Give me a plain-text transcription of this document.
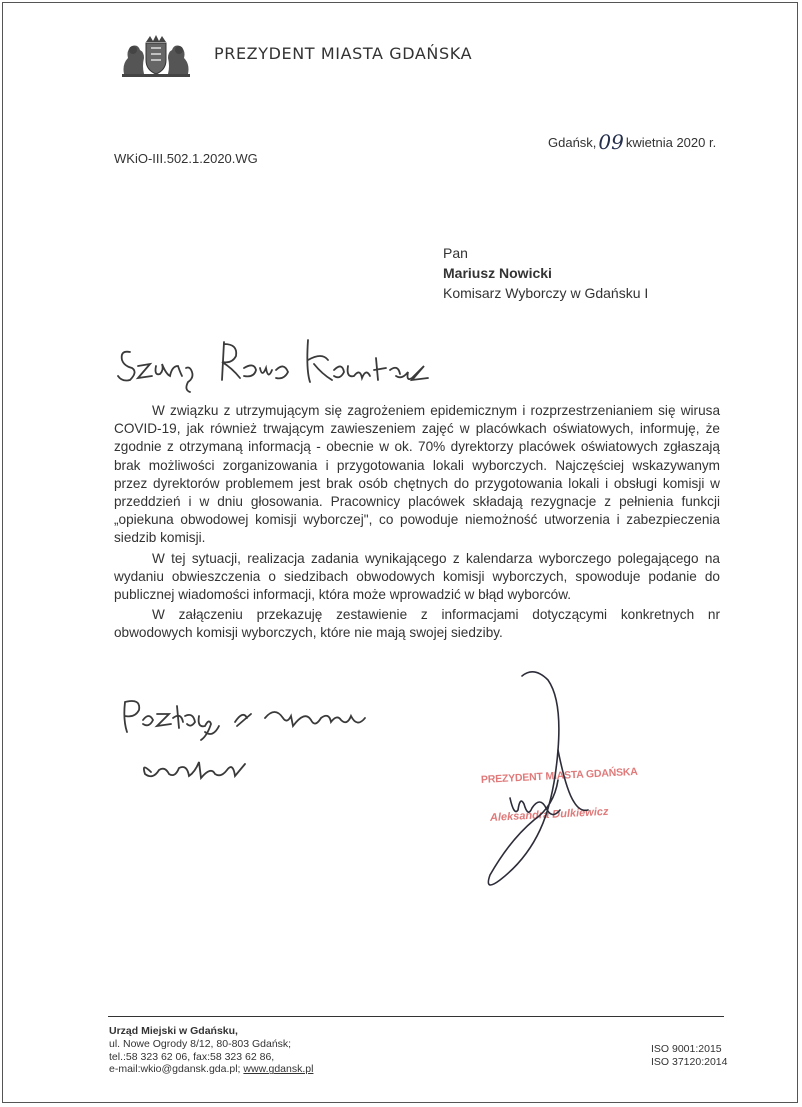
PREZYDENT MIASTA GDAŃSKA
Gdańsk, 09 kwietnia 2020 r.
WKiO-III.502.1.2020.WG
Pan
Mariusz Nowicki
Komisarz Wyborczy w Gdańsku I

W związku z utrzymującym się zagrożeniem epidemicznym i rozprzestrzenianiem się wirusa COVID-19, jak również trwającym zawieszeniem zajęć w placówkach oświatowych, informuję, że zgodnie z otrzymaną informacją - obecnie w ok. 70% dyrektorzy placówek oświatowych zgłaszają brak możliwości zorganizowania i przygotowania lokali wyborczych. Najczęściej wskazywanym przez dyrektorów problemem jest brak osób chętnych do przygotowania lokali i obsługi komisji w przeddzień i w dniu głosowania. Pracownicy placówek składają rezygnacje z pełnienia funkcji „opiekuna obwodowej komisji wyborczej", co powoduje niemożność utworzenia i zabezpieczenia siedzib komisji.

W tej sytuacji, realizacja zadania wynikającego z kalendarza wyborczego polegającego na wydaniu obwieszczenia o siedzibach obwodowych komisji wyborczych, spowoduje podanie do publicznej wiadomości informacji, która może wprowadzić w błąd wyborców.

W załączeniu przekazuję zestawienie z informacjami dotyczącymi konkretnych nr obwodowych komisji wyborczych, które nie mają swojej siedziby.

PREZYDENT MIASTA GDAŃSKA
Aleksandra Dulkiewicz
Urząd Miejski w Gdańsku,
ul. Nowe Ogrody 8/12, 80-803 Gdańsk;
tel.:58 323 62 06, fax:58 323 62 86,
e-mail:wkio@gdansk.gda.pl; www.gdansk.pl
ISO 9001:2015
ISO 37120:2014
